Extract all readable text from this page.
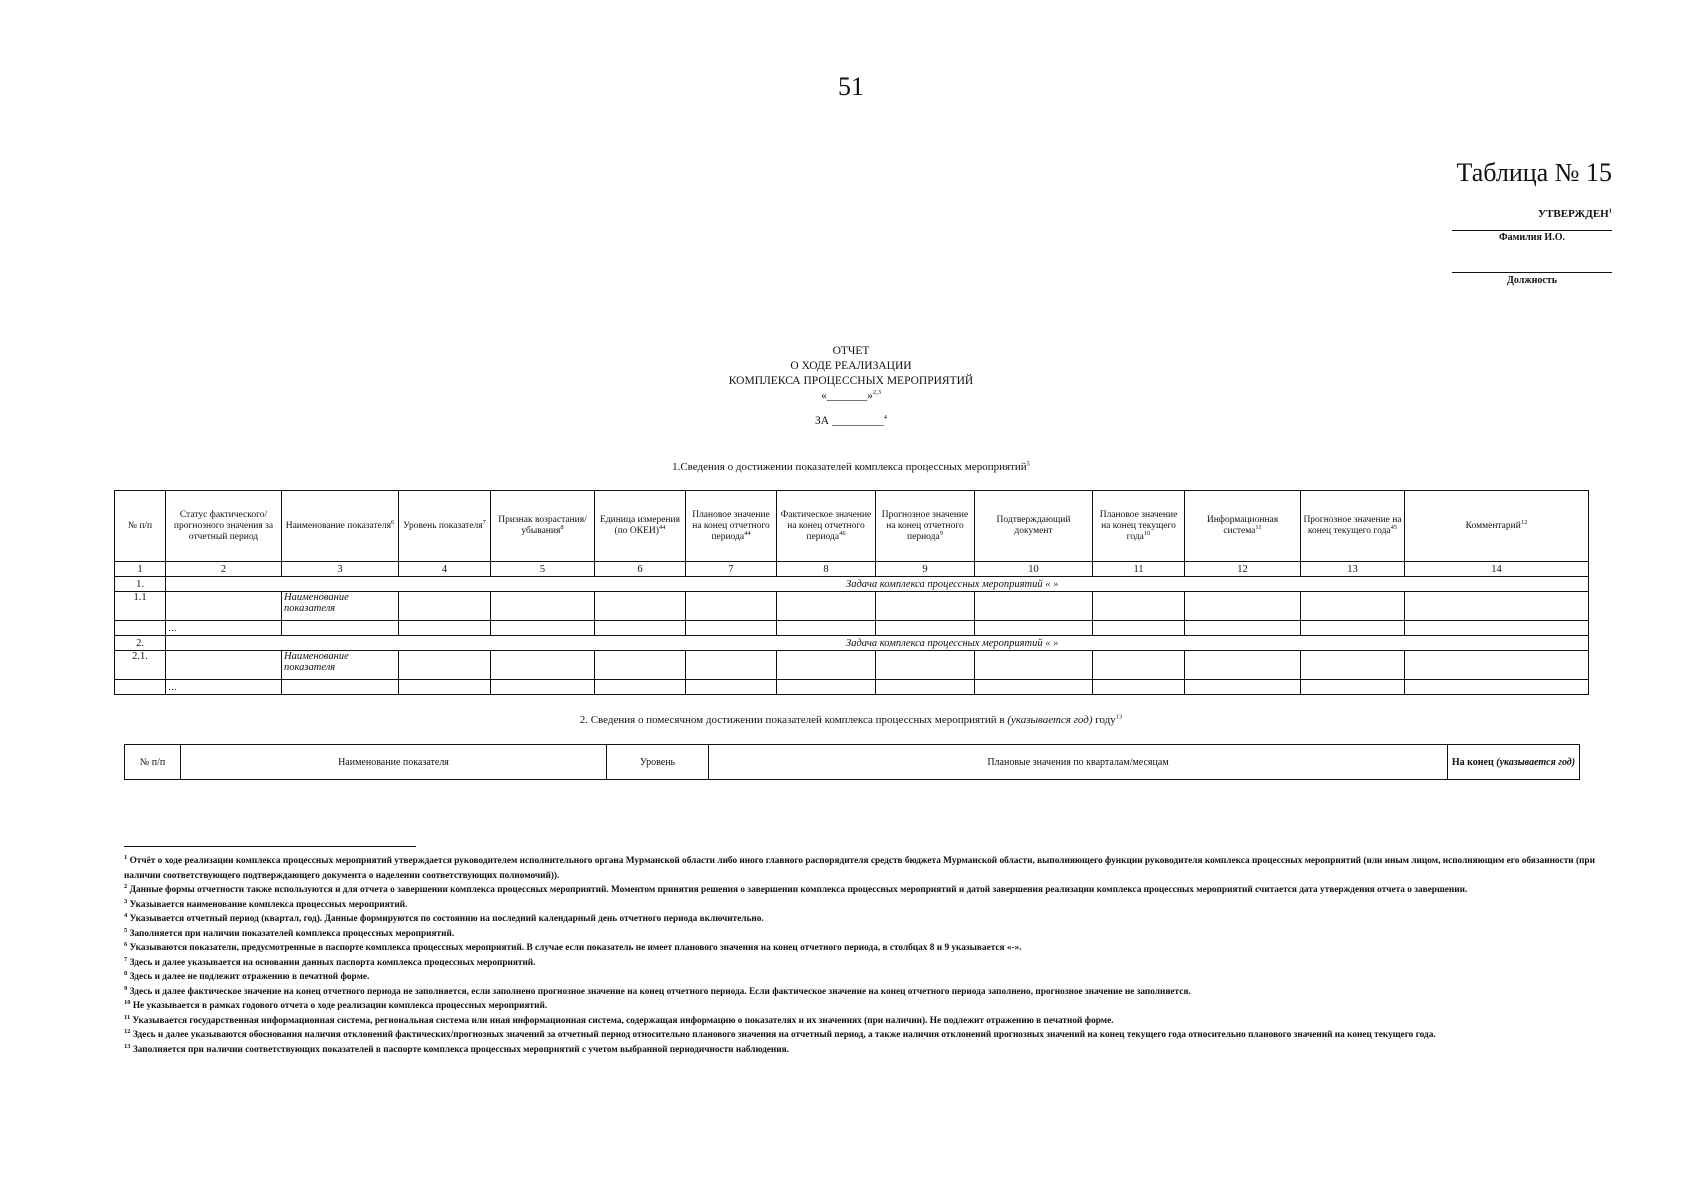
51
Таблица № 15
УТВЕРЖДЕН$^1$
Фамилия И.О.
Должность
ОТЧЕТ
О ХОДЕ РЕАЛИЗАЦИИ
КОМПЛЕКСА ПРОЦЕССНЫХ МЕРОПРИЯТИЙ
«_______»$^{2,3}$
ЗА _________$^4$
1.Сведения о достижении показателей комплекса процессных мероприятий$^5$
№ п/п	Статус фактического/ прогнозного значения за отчетный период	Наименование показателя$^6$	Уровень показателя$^7$	Признак возрастания/ убывания$^8$	Единица измерения (по ОКЕИ)$^{44}$	Плановое значение на конец отчетного периода$^{44}$	Фактическое значение на конец отчетного периода$^{46}$	Прогнозное значение на конец отчетного периода$^9$	Подтверждающий документ	Плановое значение на конец текущего года$^{10}$	Информационная система$^{11}$	Прогнозное значение на конец текущего года$^{45}$	Комментарий$^{12}$
1	2	3	4	5	6	7	8	9	10	11	12	13	14
1.	Задача комплекса процессных мероприятий « »												
1.1		Наименование показателя											
	…												
2.	Задача комплекса процессных мероприятий « »												
2.1.		Наименование показателя											
	…												
2. Сведения о помесячном достижении показателей комплекса процессных мероприятий в (указывается год) году$^{13}$
№ п/п	Наименование показателя	Уровень	Плановые значения по кварталам/месяцам	На конец (указывается год)
$^1$ Отчёт о ходе реализации комплекса процессных мероприятий утверждается руководителем исполнительного органа Мурманской области либо иного главного распорядителя средств бюджета Мурманской области, выполняющего функции руководителя комплекса процессных мероприятий (или иным лицом, исполняющим его обязанности (при наличии соответствующего подтверждающего документа о наделении соответствующих полномочий)).
$^2$ Данные формы отчетности также используются и для отчета о завершении комплекса процессных мероприятий. Моментом принятия решения о завершении комплекса процессных мероприятий и датой завершения реализации комплекса процессных мероприятий считается дата утверждения отчета о завершении.
$^3$ Указывается наименование комплекса процессных мероприятий.
$^4$ Указывается отчетный период (квартал, год). Данные формируются по состоянию на последний календарный день отчетного периода включительно.
$^5$ Заполняется при наличии показателей комплекса процессных мероприятий.
$^6$ Указываются показатели, предусмотренные в паспорте комплекса процессных мероприятий. В случае если показатель не имеет планового значения на конец отчетного периода, в столбцах 8 и 9 указывается «-».
$^7$ Здесь и далее указывается на основании данных паспорта комплекса процессных мероприятий.
$^8$ Здесь и далее не подлежит отражению в печатной форме.
$^9$ Здесь и далее фактическое значение на конец отчетного периода не заполняется, если заполнено прогнозное значение на конец отчетного периода. Если фактическое значение на конец отчетного периода заполнено, прогнозное значение не заполняется.
$^{10}$ Не указывается в рамках годового отчета о ходе реализации комплекса процессных мероприятий.
$^{11}$ Указывается государственная информационная система, региональная система или иная информационная система, содержащая информацию о показателях и их значениях (при наличии). Не подлежит отражению в печатной форме.
$^{12}$ Здесь и далее указываются обоснования наличия отклонений фактических/прогнозных значений за отчетный период относительно планового значения на отчетный период, а также наличия отклонений прогнозных значений на конец текущего года относительно планового значений на конец текущего года.
$^{13}$ Заполняется при наличии соответствующих показателей в паспорте комплекса процессных мероприятий с учетом выбранной периодичности наблюдения.
